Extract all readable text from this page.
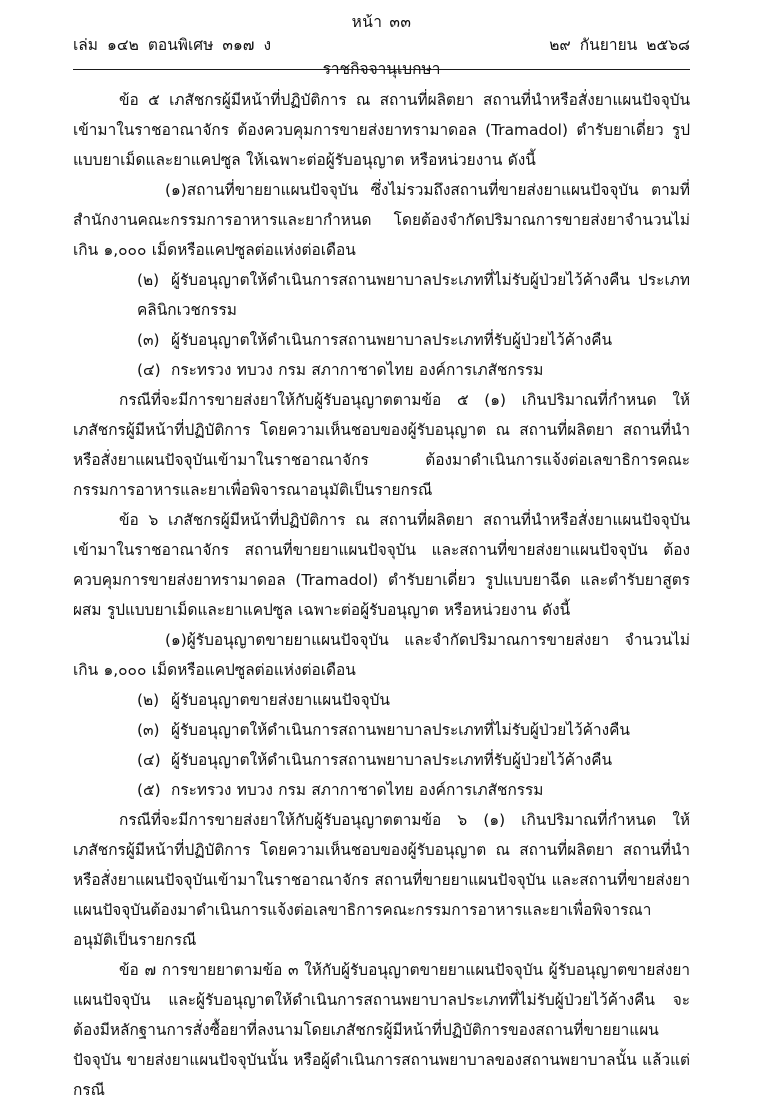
หน้า ๓๓
เล่ม ๑๔๒ ตอนพิเศษ ๓๑๗ ง	๒๙ กันยายน ๒๕๖๘
ราชกิจจานุเบกษา

ข้อ ๕ เภสัชกรผู้มีหน้าที่ปฏิบัติการ ณ สถานที่ผลิตยา สถานที่นำหรือสั่งยาแผนปัจจุบันเข้ามาในราชอาณาจักร ต้องควบคุมการขายส่งยาทรามาดอล (Tramadol) ตำรับยาเดี่ยว รูปแบบยาเม็ดและยาแคปซูล ให้เฉพาะต่อผู้รับอนุญาต หรือหน่วยงาน ดังนี้

(๑)สถานที่ขายยาแผนปัจจุบัน ซึ่งไม่รวมถึงสถานที่ขายส่งยาแผนปัจจุบัน ตามที่สำนักงานคณะกรรมการอาหารและยากำหนด โดยต้องจำกัดปริมาณการขายส่งยาจำนวนไม่เกิน ๑,๐๐๐ เม็ดหรือแคปซูลต่อแห่งต่อเดือน

(๒) ผู้รับอนุญาตให้ดำเนินการสถานพยาบาลประเภทที่ไม่รับผู้ป่วยไว้ค้างคืน ประเภทคลินิกเวชกรรม

(๓) ผู้รับอนุญาตให้ดำเนินการสถานพยาบาลประเภทที่รับผู้ป่วยไว้ค้างคืน

(๔) กระทรวง ทบวง กรม สภากาชาดไทย องค์การเภสัชกรรม

กรณีที่จะมีการขายส่งยาให้กับผู้รับอนุญาตตามข้อ ๕ (๑) เกินปริมาณที่กำหนด ให้เภสัชกรผู้มีหน้าที่ปฏิบัติการ โดยความเห็นชอบของผู้รับอนุญาต ณ สถานที่ผลิตยา สถานที่นำหรือสั่งยาแผนปัจจุบันเข้ามาในราชอาณาจักร ต้องมาดำเนินการแจ้งต่อเลขาธิการคณะกรรมการอาหารและยาเพื่อพิจารณาอนุมัติเป็นรายกรณี

ข้อ ๖ เภสัชกรผู้มีหน้าที่ปฏิบัติการ ณ สถานที่ผลิตยา สถานที่นำหรือสั่งยาแผนปัจจุบันเข้ามาในราชอาณาจักร สถานที่ขายยาแผนปัจจุบัน และสถานที่ขายส่งยาแผนปัจจุบัน ต้องควบคุมการขายส่งยาทรามาดอล (Tramadol) ตำรับยาเดี่ยว รูปแบบยาฉีด และตำรับยาสูตรผสม รูปแบบยาเม็ดและยาแคปซูล เฉพาะต่อผู้รับอนุญาต หรือหน่วยงาน ดังนี้

(๑)ผู้รับอนุญาตขายยาแผนปัจจุบัน และจำกัดปริมาณการขายส่งยา จำนวนไม่เกิน ๑,๐๐๐ เม็ดหรือแคปซูลต่อแห่งต่อเดือน

(๒) ผู้รับอนุญาตขายส่งยาแผนปัจจุบัน

(๓) ผู้รับอนุญาตให้ดำเนินการสถานพยาบาลประเภทที่ไม่รับผู้ป่วยไว้ค้างคืน

(๔) ผู้รับอนุญาตให้ดำเนินการสถานพยาบาลประเภทที่รับผู้ป่วยไว้ค้างคืน

(๕) กระทรวง ทบวง กรม สภากาชาดไทย องค์การเภสัชกรรม

กรณีที่จะมีการขายส่งยาให้กับผู้รับอนุญาตตามข้อ ๖ (๑) เกินปริมาณที่กำหนด ให้เภสัชกรผู้มีหน้าที่ปฏิบัติการ โดยความเห็นชอบของผู้รับอนุญาต ณ สถานที่ผลิตยา สถานที่นำหรือสั่งยาแผนปัจจุบันเข้ามาในราชอาณาจักร สถานที่ขายยาแผนปัจจุบัน และสถานที่ขายส่งยาแผนปัจจุบันต้องมาดำเนินการแจ้งต่อเลขาธิการคณะกรรมการอาหารและยาเพื่อพิจารณาอนุมัติเป็นรายกรณี

ข้อ ๗ การขายยาตามข้อ ๓ ให้กับผู้รับอนุญาตขายยาแผนปัจจุบัน ผู้รับอนุญาตขายส่งยาแผนปัจจุบัน และผู้รับอนุญาตให้ดำเนินการสถานพยาบาลประเภทที่ไม่รับผู้ป่วยไว้ค้างคืน จะต้องมีหลักฐานการสั่งซื้อยาที่ลงนามโดยเภสัชกรผู้มีหน้าที่ปฏิบัติการของสถานที่ขายยาแผนปัจจุบัน ขายส่งยาแผนปัจจุบันนั้น หรือผู้ดำเนินการสถานพยาบาลของสถานพยาบาลนั้น แล้วแต่กรณี
